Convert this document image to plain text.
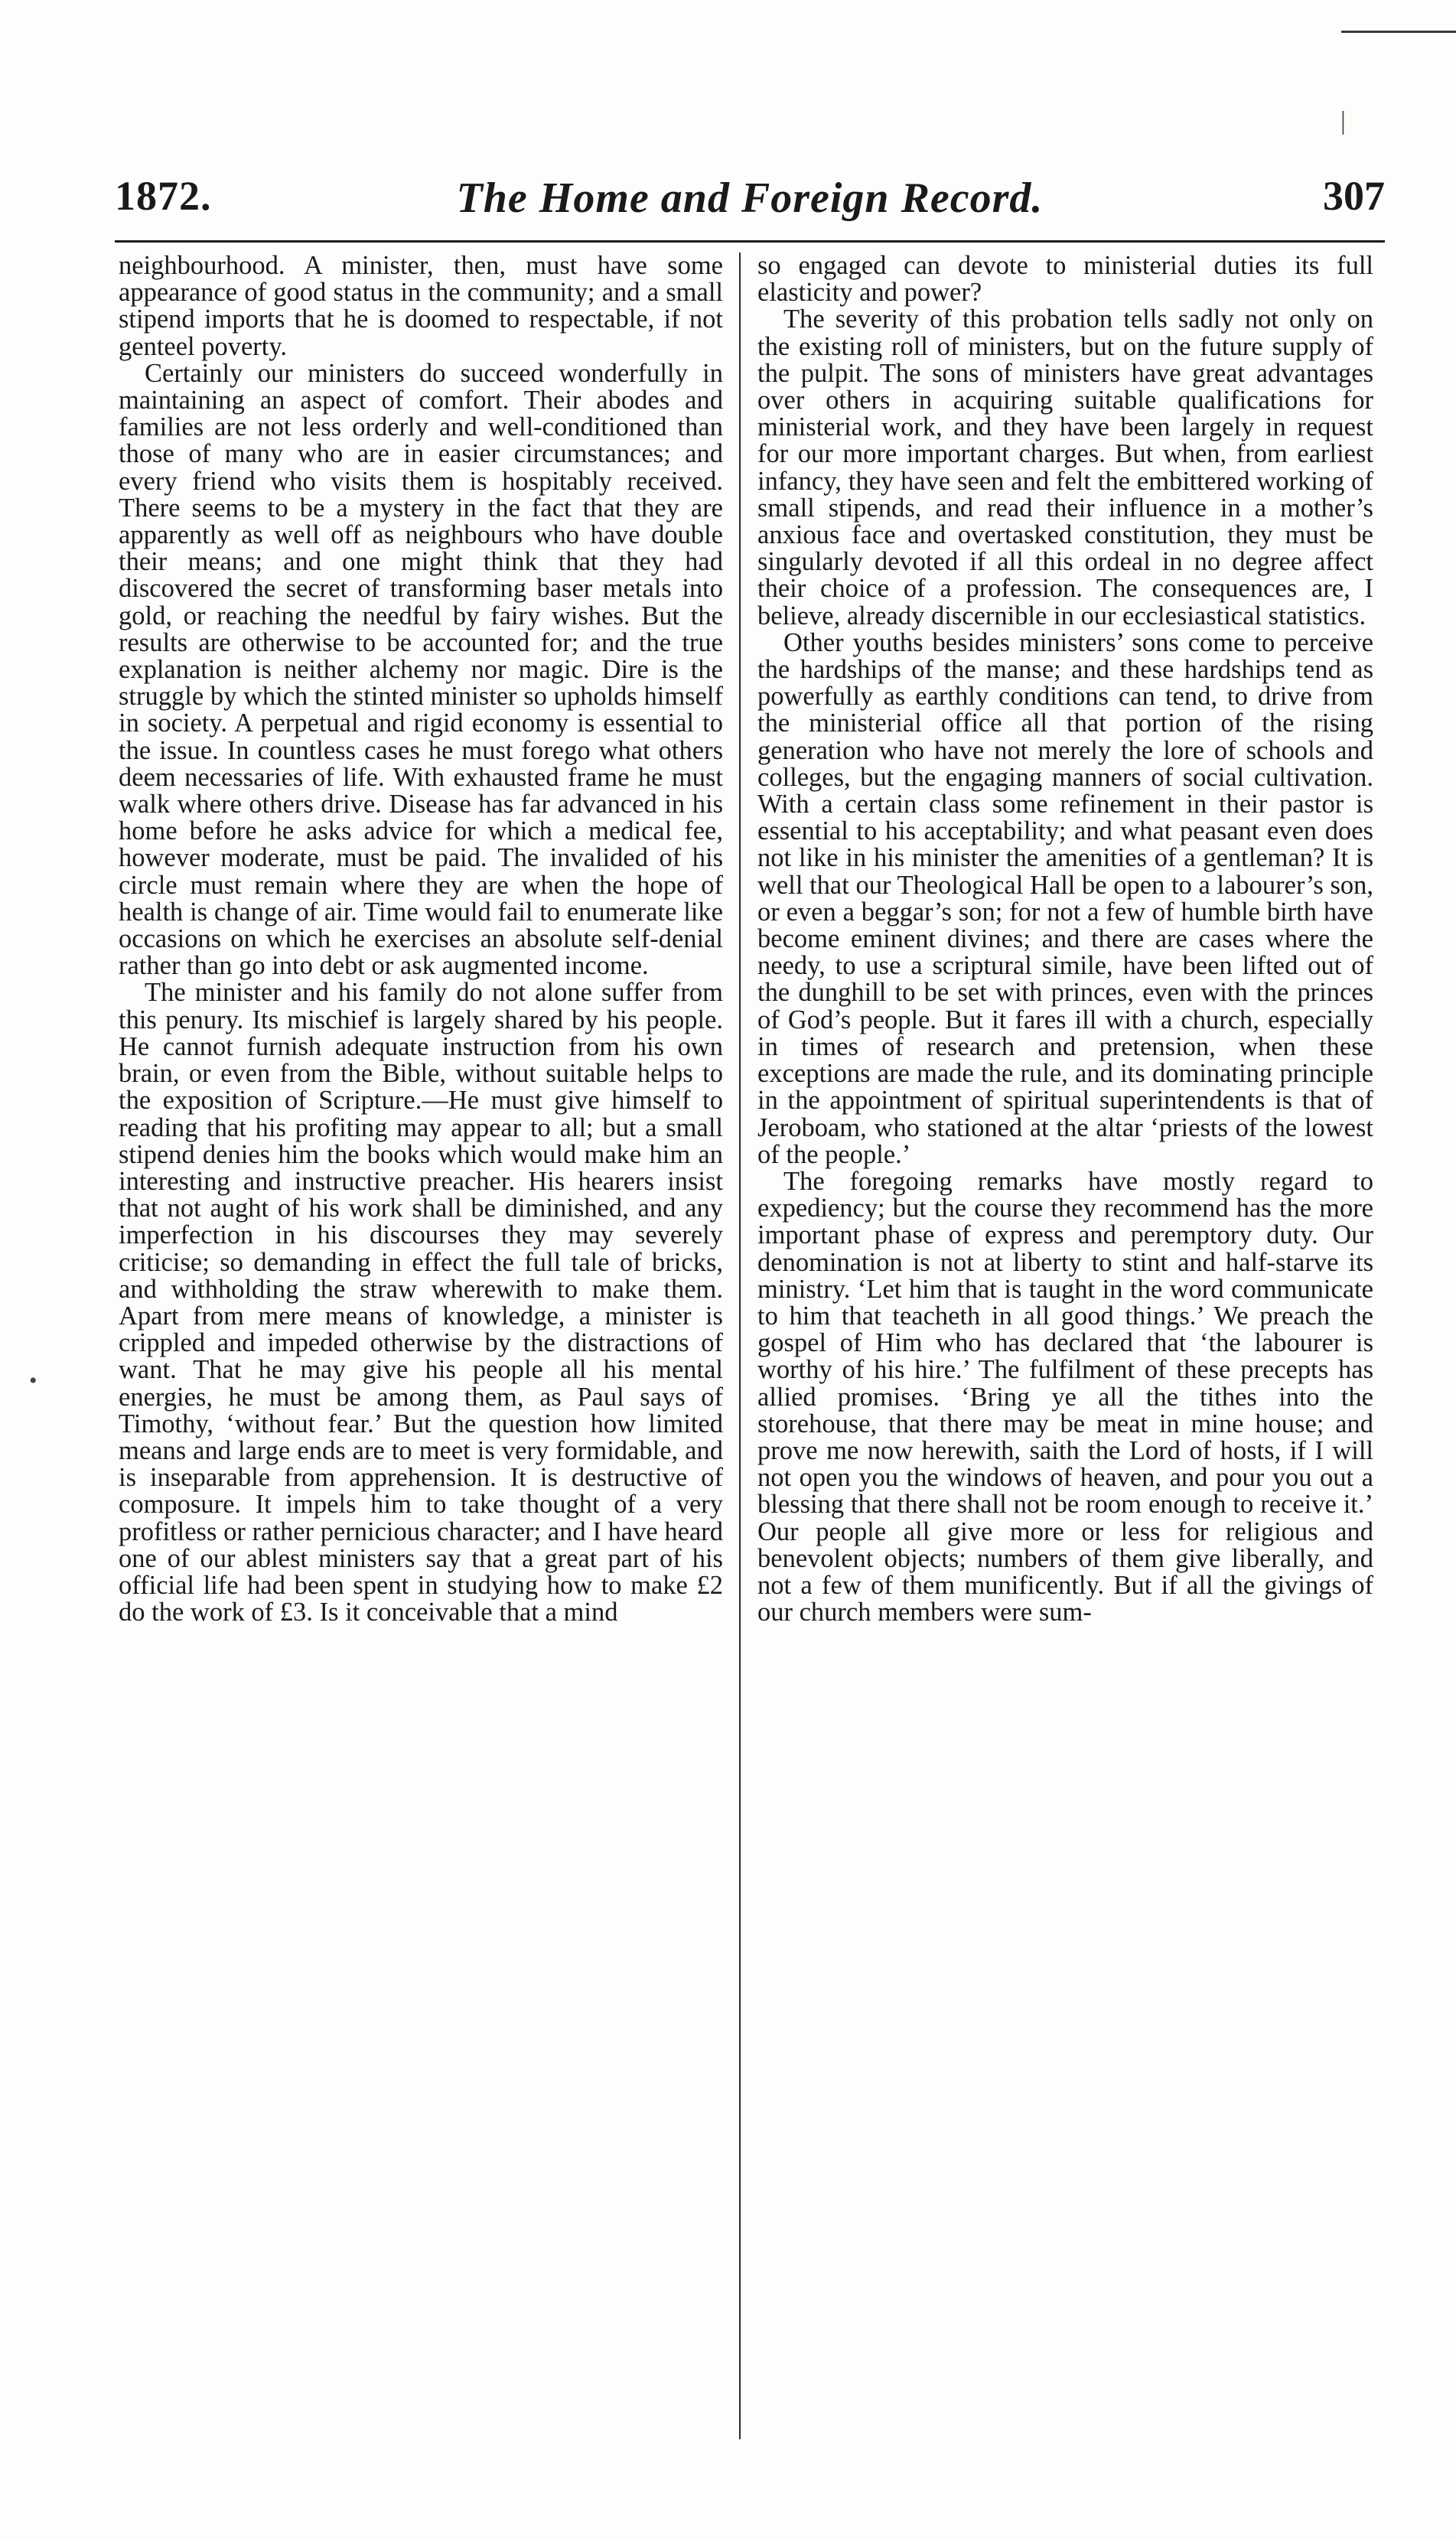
|
1872.	The Home and Foreign Record.	307
•

neighbourhood. A minister, then, must have some appearance of good status in the community; and a small stipend imports that he is doomed to respectable, if not genteel poverty.

Certainly our ministers do succeed wonderfully in maintaining an aspect of comfort. Their abodes and families are not less orderly and well-conditioned than those of many who are in easier circumstances; and every friend who visits them is hospitably received. There seems to be a mystery in the fact that they are apparently as well off as neighbours who have double their means; and one might think that they had discovered the secret of transforming baser metals into gold, or reaching the needful by fairy wishes. But the results are otherwise to be accounted for; and the true explanation is neither alchemy nor magic. Dire is the struggle by which the stinted minister so upholds himself in society. A perpetual and rigid economy is essential to the issue. In countless cases he must forego what others deem necessaries of life. With exhausted frame he must walk where others drive. Disease has far advanced in his home before he asks advice for which a medical fee, however moderate, must be paid. The invalided of his circle must remain where they are when the hope of health is change of air. Time would fail to enumerate like occasions on which he exercises an absolute self-denial rather than go into debt or ask augmented income.

The minister and his family do not alone suffer from this penury. Its mischief is largely shared by his people. He cannot furnish adequate instruction from his own brain, or even from the Bible, without suitable helps to the exposition of Scripture.—He must give himself to reading that his profiting may appear to all; but a small stipend denies him the books which would make him an interesting and instructive preacher. His hearers insist that not aught of his work shall be diminished, and any imperfection in his discourses they may severely criticise; so demanding in effect the full tale of bricks, and withholding the straw wherewith to make them. Apart from mere means of knowledge, a minister is crippled and impeded otherwise by the distractions of want. That he may give his people all his mental energies, he must be among them, as Paul says of Timothy, ‘without fear.’ But the question how limited means and large ends are to meet is very formidable, and is inseparable from apprehension. It is destructive of composure. It impels him to take thought of a very profitless or rather pernicious character; and I have heard one of our ablest ministers say that a great part of his official life had been spent in studying how to make £2 do the work of £3. Is it conceivable that a mind

so engaged can devote to ministerial duties its full elasticity and power?

The severity of this probation tells sadly not only on the existing roll of ministers, but on the future supply of the pulpit. The sons of ministers have great advantages over others in acquiring suitable qualifications for ministerial work, and they have been largely in request for our more important charges. But when, from earliest infancy, they have seen and felt the embittered working of small stipends, and read their influence in a mother’s anxious face and overtasked constitution, they must be singularly devoted if all this ordeal in no degree affect their choice of a profession. The consequences are, I believe, already discernible in our ecclesiastical statistics.

Other youths besides ministers’ sons come to perceive the hardships of the manse; and these hardships tend as powerfully as earthly conditions can tend, to drive from the ministerial office all that portion of the rising generation who have not merely the lore of schools and colleges, but the engaging manners of social cultivation. With a certain class some refinement in their pastor is essential to his acceptability; and what peasant even does not like in his minister the amenities of a gentleman? It is well that our Theological Hall be open to a labourer’s son, or even a beggar’s son; for not a few of humble birth have become eminent divines; and there are cases where the needy, to use a scriptural simile, have been lifted out of the dunghill to be set with princes, even with the princes of God’s people. But it fares ill with a church, especially in times of research and pretension, when these exceptions are made the rule, and its dominating principle in the appointment of spiritual superintendents is that of Jeroboam, who stationed at the altar ‘priests of the lowest of the people.’

The foregoing remarks have mostly regard to expediency; but the course they recommend has the more important phase of express and peremptory duty. Our denomination is not at liberty to stint and half-starve its ministry. ‘Let him that is taught in the word communicate to him that teacheth in all good things.’ We preach the gospel of Him who has declared that ‘the labourer is worthy of his hire.’ The fulfilment of these precepts has allied promises. ‘Bring ye all the tithes into the storehouse, that there may be meat in mine house; and prove me now herewith, saith the Lord of hosts, if I will not open you the windows of heaven, and pour you out a blessing that there shall not be room enough to receive it.’ Our people all give more or less for religious and benevolent objects; numbers of them give liberally, and not a few of them munificently. But if all the givings of our church members were sum-
